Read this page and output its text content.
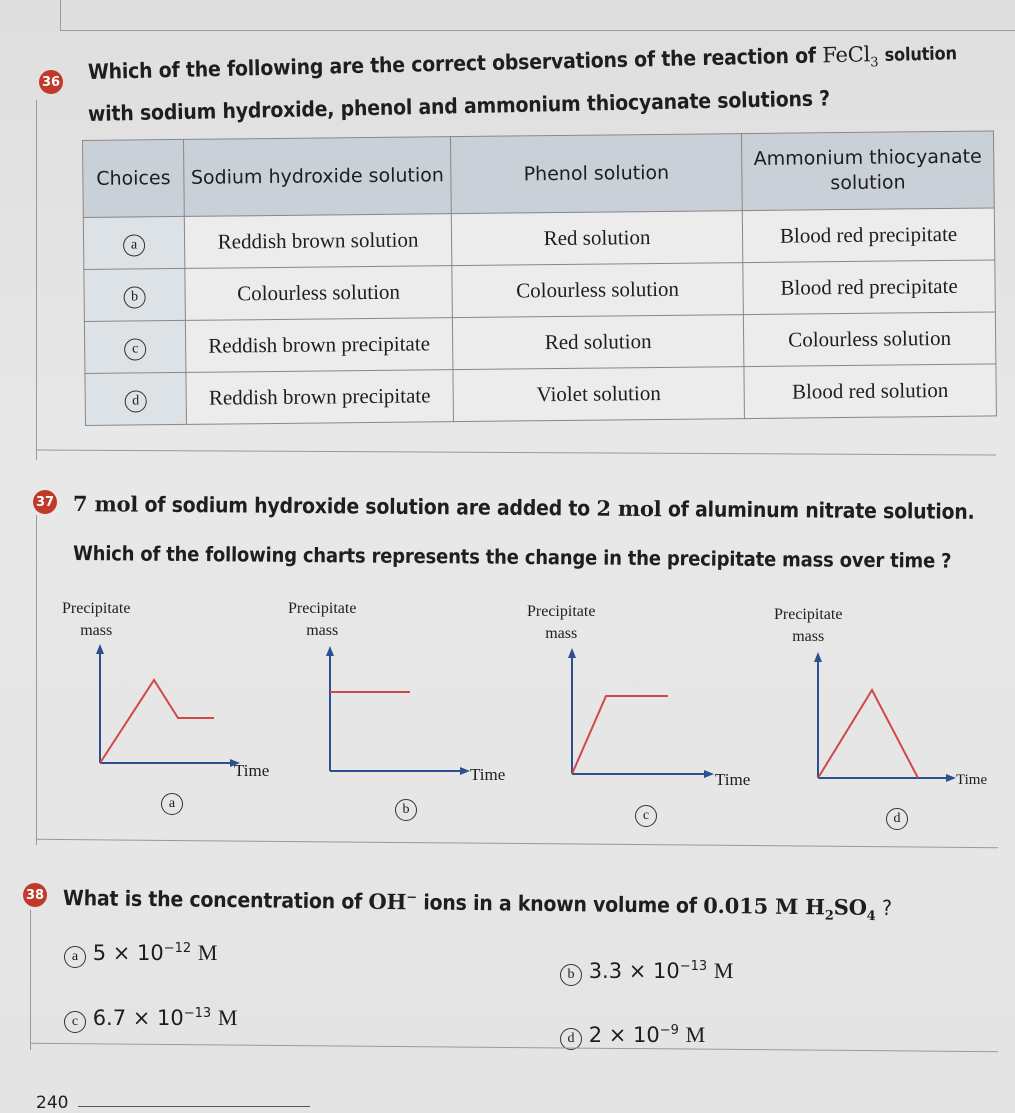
36 Which of the following are the correct observations of the reaction of FeCl$_3$ solution
with sodium hydroxide, phenol and ammonium thiocyanate solutions ?
Choices	Sodium hydroxide solution	Phenol solution	Ammonium thiocyanate solution
a	Reddish brown solution	Red solution	Blood red precipitate
b	Colourless solution	Colourless solution	Blood red precipitate
c	Reddish brown precipitate	Red solution	Colourless solution
d	Reddish brown precipitate	Violet solution	Blood red solution
37 7 mol of sodium hydroxide solution are added to 2 mol of aluminum nitrate solution.
Which of the following charts represents the change in the precipitate mass over time ?
Precipitate
mass
Time
a
Precipitate
mass
Time
b
Precipitate
mass
Time
c
Precipitate
mass
Time
d
38 What is the concentration of OH− ions in a known volume of 0.015 M $H_2SO_4$ ?
a $5 \times 10^{-12}$ M
b $3.3 \times 10^{-13}$ M
c $6.7 \times 10^{-13}$ M
d $2 \times 10^{-9}$ M
240
